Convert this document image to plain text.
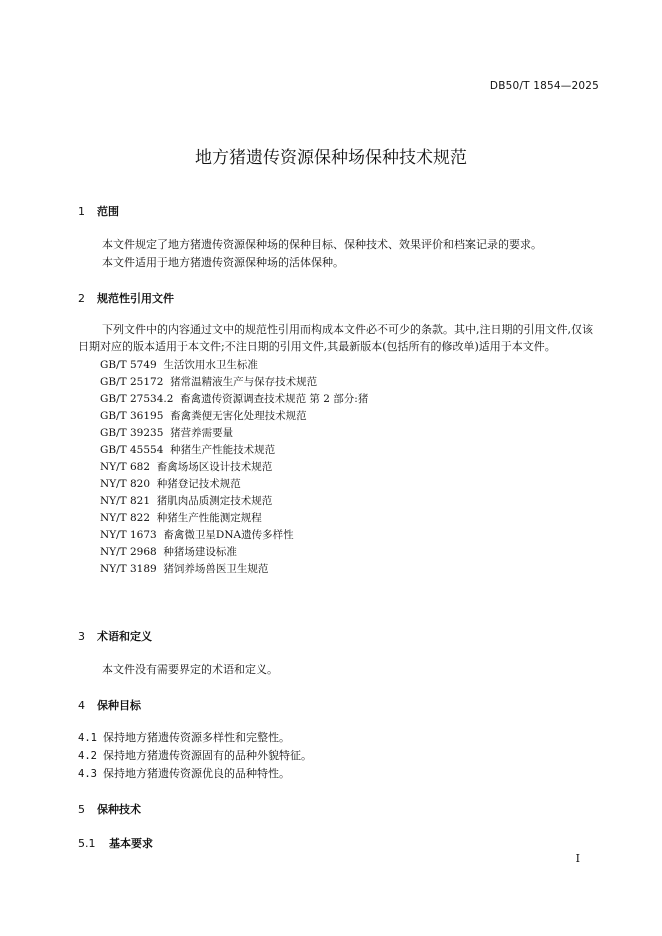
DB50/T 1854—2025
地方猪遗传资源保种场保种技术规范
1 范围
本文件规定了地方猪遗传资源保种场的保种目标、保种技术、效果评价和档案记录的要求。
本文件适用于地方猪遗传资源保种场的活体保种。
2 规范性引用文件
下列文件中的内容通过文中的规范性引用而构成本文件必不可少的条款。其中,注日期的引用文件,仅该日期对应的版本适用于本文件;不注日期的引用文件,其最新版本(包括所有的修改单)适用于本文件。
GB/T 5749 生活饮用水卫生标准
GB/T 25172 猪常温精液生产与保存技术规范
GB/T 27534.2 畜禽遗传资源调查技术规范 第 2 部分:猪
GB/T 36195 畜禽粪便无害化处理技术规范
GB/T 39235 猪营养需要量
GB/T 45554 种猪生产性能技术规范
NY/T 682 畜禽场场区设计技术规范
NY/T 820 种猪登记技术规范
NY/T 821 猪肌肉品质测定技术规范
NY/T 822 种猪生产性能测定规程
NY/T 1673 畜禽微卫星DNA遗传多样性
NY/T 2968 种猪场建设标准
NY/T 3189 猪饲养场兽医卫生规范
3 术语和定义
本文件没有需要界定的术语和定义。
4 保种目标
4.1 保持地方猪遗传资源多样性和完整性。
4.2 保持地方猪遗传资源固有的品种外貌特征。
4.3 保持地方猪遗传资源优良的品种特性。
5 保种技术
5.1 基本要求
I
